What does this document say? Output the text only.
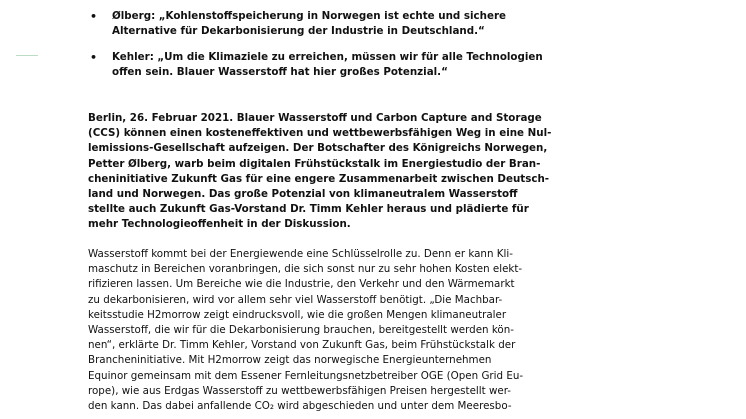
• Ølberg: „Kohlenstoffspeicherung in Norwegen ist echte und sichere
Alternative für Dekarbonisierung der Industrie in Deutschland.“
• Kehler: „Um die Klimaziele zu erreichen, müssen wir für alle Technologien
offen sein. Blauer Wasserstoff hat hier großes Potenzial.“

Berlin, 26. Februar 2021. Blauer Wasserstoff und Carbon Capture and Storage
(CCS) können einen kosteneffektiven und wettbewerbsfähigen Weg in eine Nul-
lemissions-Gesellschaft aufzeigen. Der Botschafter des Königreichs Norwegen,
Petter Ølberg, warb beim digitalen Frühstückstalk im Energiestudio der Bran-
cheninitiative Zukunft Gas für eine engere Zusammenarbeit zwischen Deutsch-
land und Norwegen. Das große Potenzial von klimaneutralem Wasserstoff
stellte auch Zukunft Gas-Vorstand Dr. Timm Kehler heraus und plädierte für
mehr Technologieoffenheit in der Diskussion.

Wasserstoff kommt bei der Energiewende eine Schlüsselrolle zu. Denn er kann Kli-
maschutz in Bereichen voranbringen, die sich sonst nur zu sehr hohen Kosten elekt-
rifizieren lassen. Um Bereiche wie die Industrie, den Verkehr und den Wärmemarkt
zu dekarbonisieren, wird vor allem sehr viel Wasserstoff benötigt. „Die Machbar-
keitsstudie H2morrow zeigt eindrucksvoll, wie die großen Mengen klimaneutraler
Wasserstoff, die wir für die Dekarbonisierung brauchen, bereitgestellt werden kön-
nen“, erklärte Dr. Timm Kehler, Vorstand von Zukunft Gas, beim Frühstückstalk der
Brancheninitiative. Mit H2morrow zeigt das norwegische Energieunternehmen
Equinor gemeinsam mit dem Essener Fernleitungsnetzbetreiber OGE (Open Grid Eu-
rope), wie aus Erdgas Wasserstoff zu wettbewerbsfähigen Preisen hergestellt wer-
den kann. Das dabei anfallende CO₂ wird abgeschieden und unter dem Meeresbo-
